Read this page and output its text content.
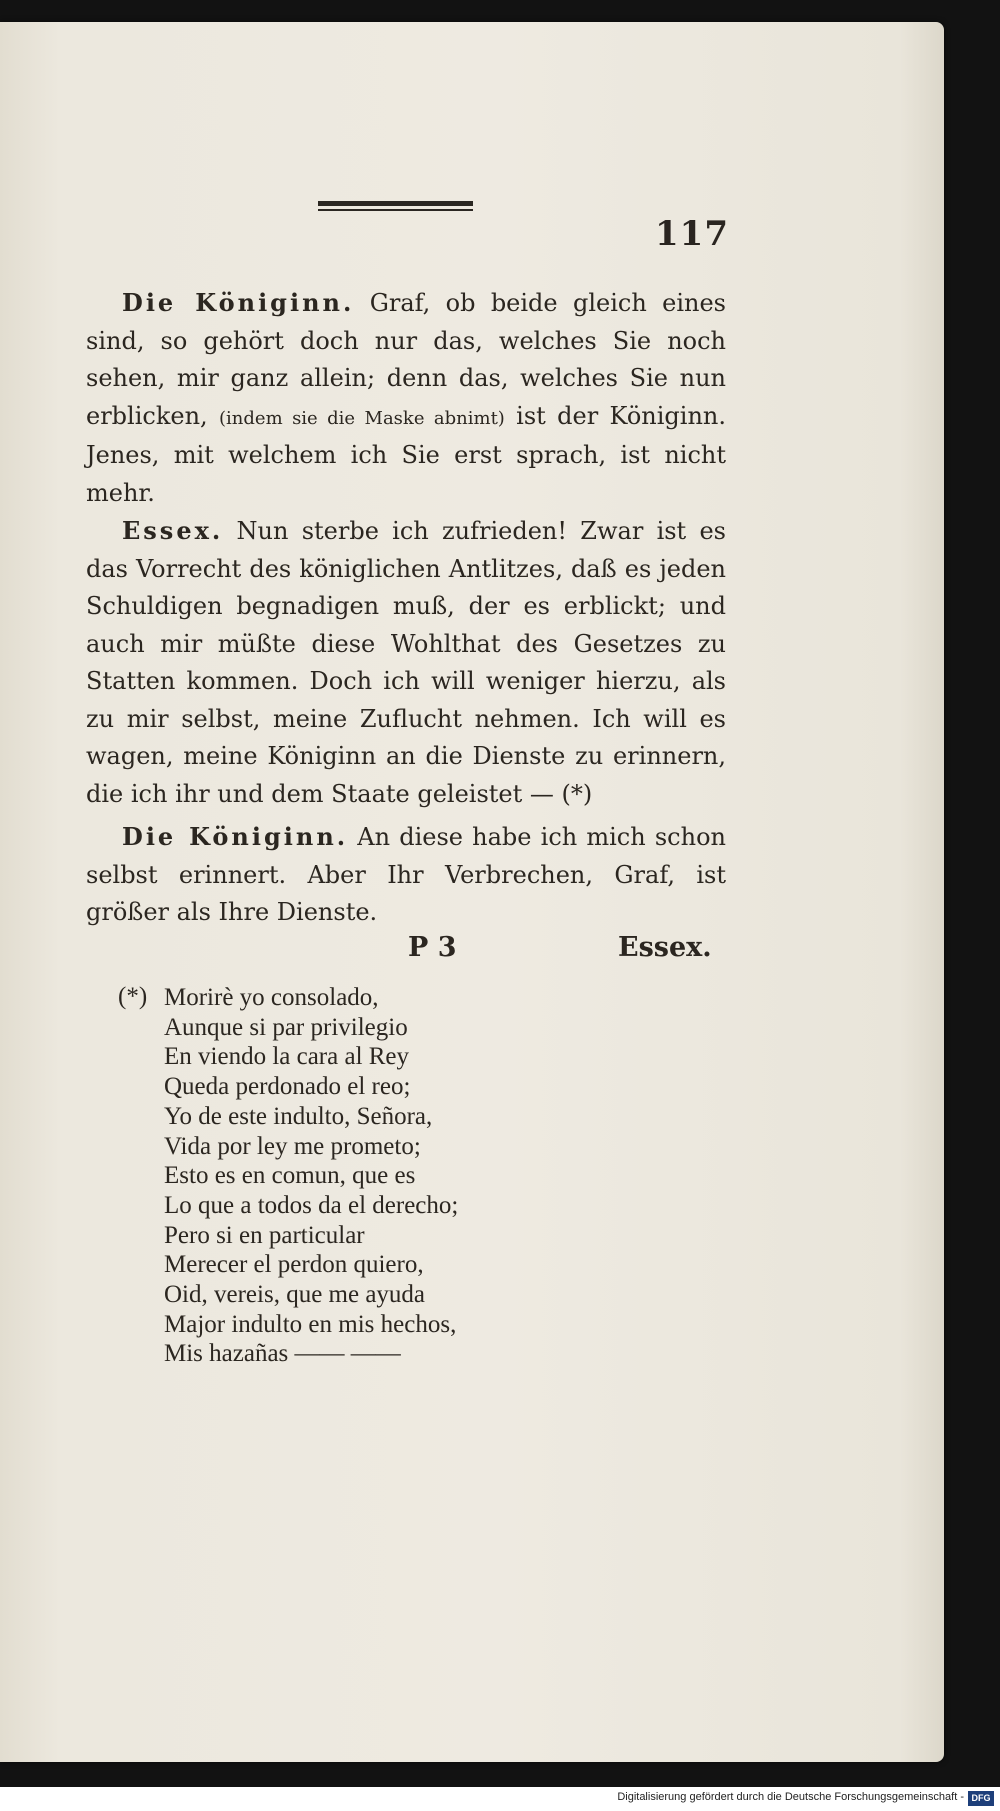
117

Die Königinn. Graf, ob beide gleich eines sind, so gehört doch nur das, welches Sie noch sehen, mir ganz allein; denn das, welches Sie nun erblicken, (indem sie die Maske abnimt) ist der Königinn. Jenes, mit welchem ich Sie erst sprach, ist nicht mehr.

Essex. Nun sterbe ich zufrieden! Zwar ist es das Vorrecht des königlichen Antlitzes, daß es jeden Schuldigen begnadigen muß, der es erblickt; und auch mir müßte diese Wohlthat des Gesetzes zu Statten kommen. Doch ich will weniger hierzu, als zu mir selbst, meine Zuflucht nehmen. Ich will es wagen, meine Königinn an die Dienste zu erinnern, die ich ihr und dem Staate geleistet — (*)

Die Königinn. An diese habe ich mich schon selbst erinnert. Aber Ihr Verbrechen, Graf, ist größer als Ihre Dienste.

P 3	Essex.
(*) Morirè yo consolado,
Aunque si par privilegio
En viendo la cara al Rey
Queda perdonado el reo;
Yo de este indulto, Señora,
Vida por ley me prometo;
Esto es en comun, que es
Lo que a todos da el derecho;
Pero si en particular
Merecer el perdon quiero,
Oid, vereis, que me ayuda
Major indulto en mis hechos,
Mis hazañas —— ——
Digitalisierung gefördert durch die Deutsche Forschungsgemeinschaft - DFG
